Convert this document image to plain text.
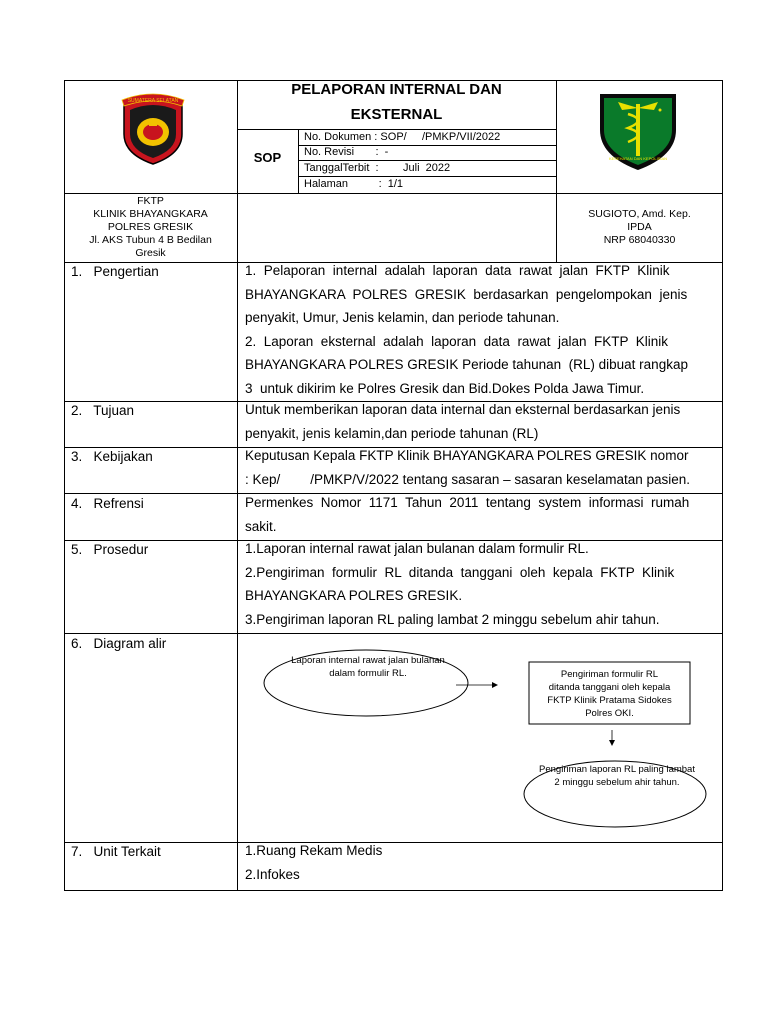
SUMATERA SELATAN
KESEHATAN DAN KEPOLISIAN
PELAPORAN INTERNAL DAN
EKSTERNAL
SOP
No. Dokumen : SOP/     /PMKP/VII/2022
No. Revisi       :  -
TanggalTerbit  :        Juli  2022
Halaman          :  1/1
FKTP
KLINIK BHAYANGKARA
POLRES GRESIK
Jl. AKS Tubun 4 B Bedilan
Gresik
SUGIOTO, Amd. Kep.
IPDA
NRP 68040330
1.   Pengertian	1.  Pelaporan  internal  adalah  laporan  data  rawat  jalan  FKTP  Klinik
BHAYANGKARA  POLRES  GRESIK  berdasarkan  pengelompokan  jenis
penyakit, Umur, Jenis kelamin, dan periode tahunan.
2.  Laporan  eksternal  adalah  laporan  data  rawat  jalan  FKTP  Klinik
BHAYANGKARA POLRES GRESIK Periode tahunan  (RL) dibuat rangkap
3  untuk dikirim ke Polres Gresik dan Bid.Dokes Polda Jawa Timur.
2.   Tujuan	Untuk memberikan laporan data internal dan eksternal berdasarkan jenis
penyakit, jenis kelamin,dan periode tahunan (RL)
3.   Kebijakan	Keputusan Kepala FKTP Klinik BHAYANGKARA POLRES GRESIK nomor
: Kep/        /PMKP/V/2022 tentang sasaran – sasaran keselamatan pasien.
4.   Refrensi	Permenkes  Nomor  1171  Tahun  2011  tentang  system  informasi  rumah
sakit.
5.   Prosedur	1.Laporan internal rawat jalan bulanan dalam formulir RL.
2.Pengiriman  formulir  RL  ditanda  tanggani  oleh  kepala  FKTP  Klinik
BHAYANGKARA POLRES GRESIK.
3.Pengiriman laporan RL paling lambat 2 minggu sebelum ahir tahun.
6.   Diagram alir
Laporan internal rawat jalan bulanan
dalam formulir RL.	Pengiriman formulir RL
ditanda tanggani oleh kepala
FKTP Klinik Pratama Sidokes
Polres OKI.
Pengiriman laporan RL paling lambat
2 minggu sebelum ahir tahun.
7.   Unit Terkait	1.Ruang Rekam Medis
2.Infokes
